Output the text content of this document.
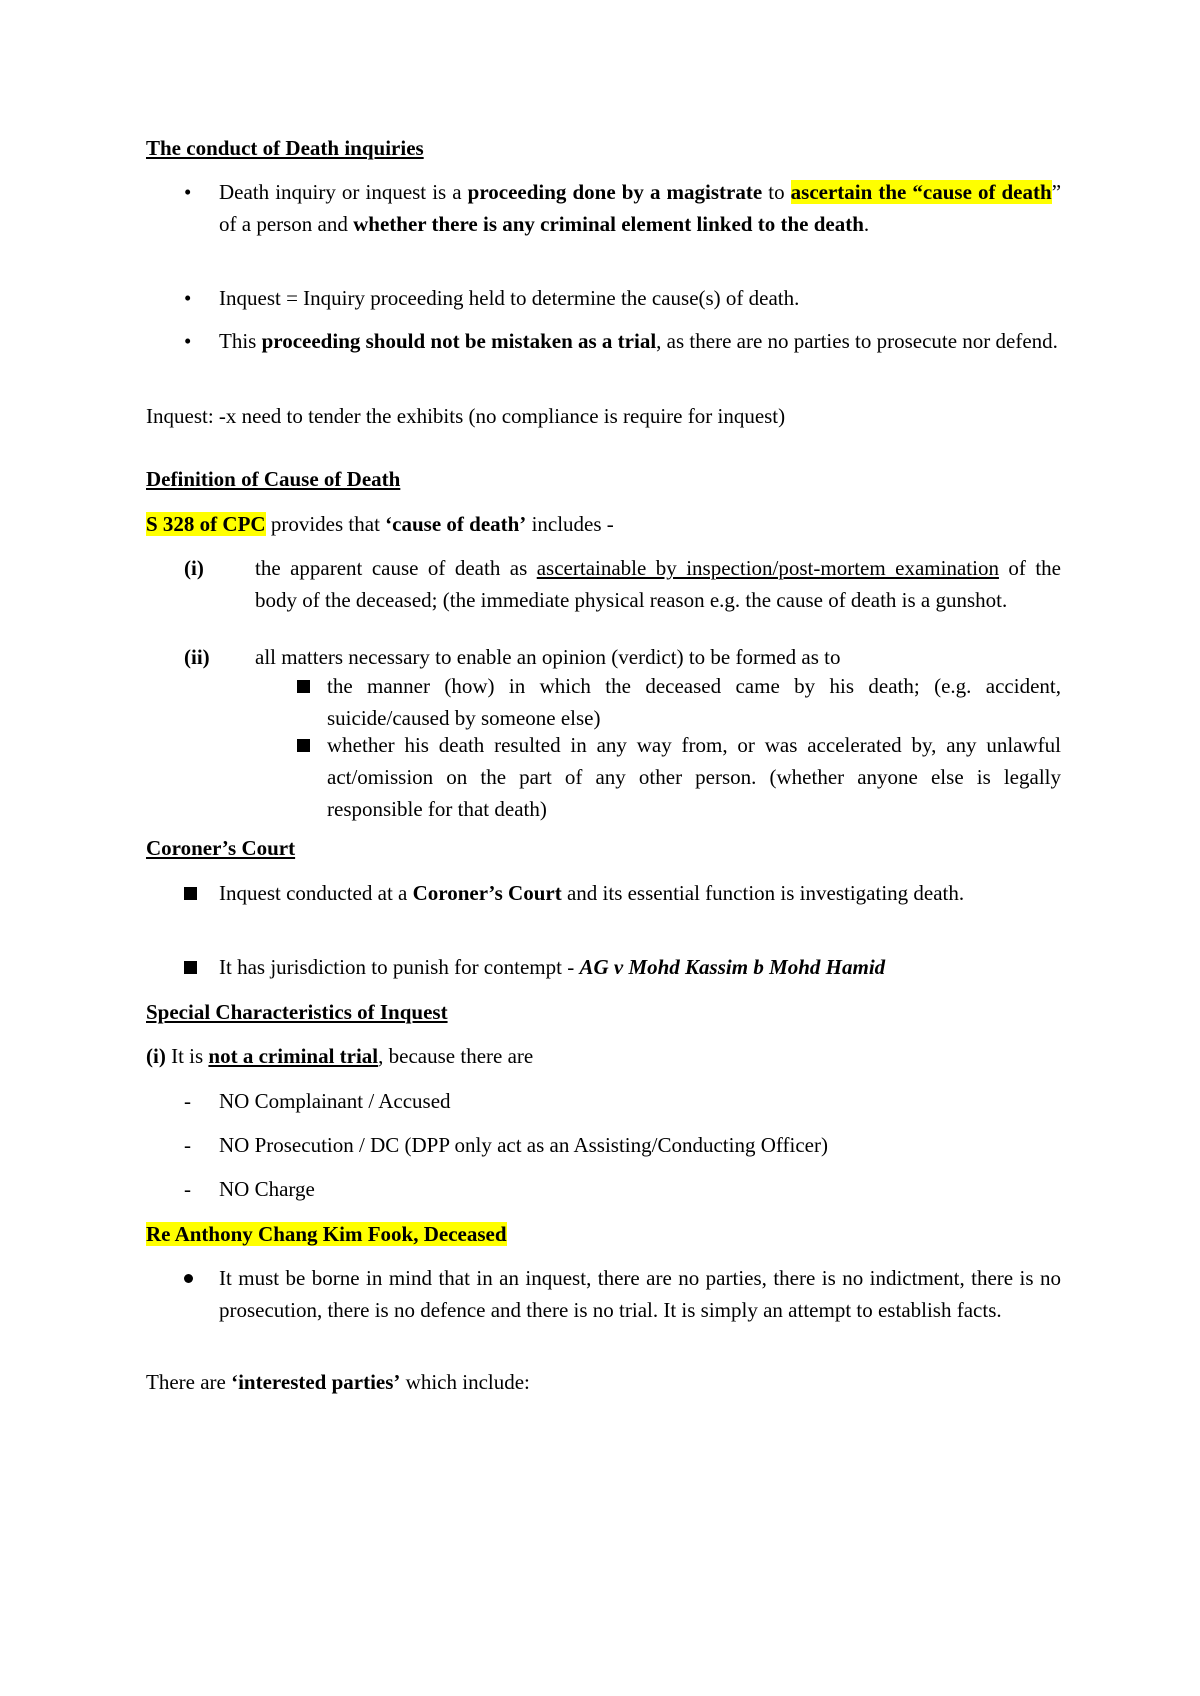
The conduct of Death inquiries
•	Death inquiry or inquest is a proceeding done by a magistrate to ascertain the “cause of death” of a person and whether there is any criminal element linked to the death.
•	Inquest = Inquiry proceeding held to determine the cause(s) of death.
•	This proceeding should not be mistaken as a trial, as there are no parties to prosecute nor defend.
Inquest: -x need to tender the exhibits (no compliance is require for inquest)
Definition of Cause of Death
S 328 of CPC provides that ‘cause of death’ includes -
(i) the apparent cause of death as ascertainable by inspection/post-mortem examination of the body of the deceased; (the immediate physical reason e.g. the cause of death is a gunshot.
(ii) all matters necessary to enable an opinion (verdict) to be formed as to
the manner (how) in which the deceased came by his death; (e.g. accident, suicide/caused by someone else)
whether his death resulted in any way from, or was accelerated by, any unlawful act/omission on the part of any other person. (whether anyone else is legally responsible for that death)
Coroner’s Court
Inquest conducted at a Coroner’s Court and its essential function is investigating death.
It has jurisdiction to punish for contempt - AG v Mohd Kassim b Mohd Hamid
Special Characteristics of Inquest
(i) It is not a criminal trial, because there are
- NO Complainant / Accused
- NO Prosecution / DC (DPP only act as an Assisting/Conducting Officer)
- NO Charge
Re Anthony Chang Kim Fook, Deceased
It must be borne in mind that in an inquest, there are no parties, there is no indictment, there is no prosecution, there is no defence and there is no trial. It is simply an attempt to establish facts.
There are ‘interested parties’ which include:
